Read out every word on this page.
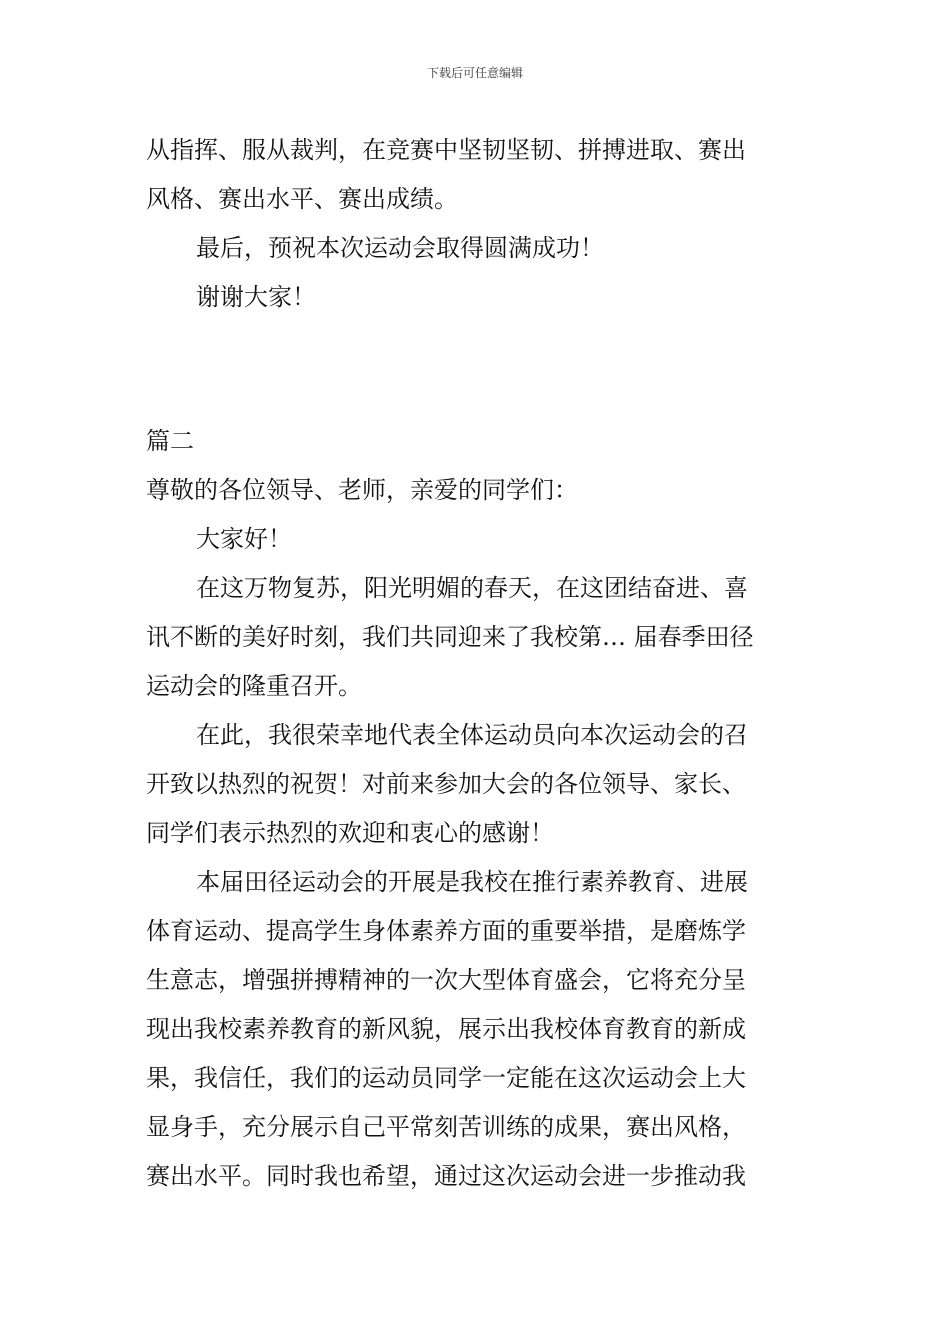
下载后可任意编辑
从指挥、服从裁判，在竞赛中坚韧坚韧、拼搏进取、赛出
风格、赛出水平、赛出成绩。
最后，预祝本次运动会取得圆满成功！
谢谢大家！
篇二
尊敬的各位领导、老师，亲爱的同学们：
大家好！
在这万物复苏，阳光明媚的春天，在这团结奋进、喜
讯不断的美好时刻，我们共同迎来了我校第… 届春季田径
运动会的隆重召开。
在此，我很荣幸地代表全体运动员向本次运动会的召
开致以热烈的祝贺！对前来参加大会的各位领导、家长、
同学们表示热烈的欢迎和衷心的感谢！
本届田径运动会的开展是我校在推行素养教育、进展
体育运动、提高学生身体素养方面的重要举措，是磨炼学
生意志，增强拼搏精神的一次大型体育盛会，它将充分呈
现出我校素养教育的新风貌，展示出我校体育教育的新成
果，我信任，我们的运动员同学一定能在这次运动会上大
显身手，充分展示自己平常刻苦训练的成果，赛出风格，
赛出水平。同时我也希望，通过这次运动会进一步推动我
